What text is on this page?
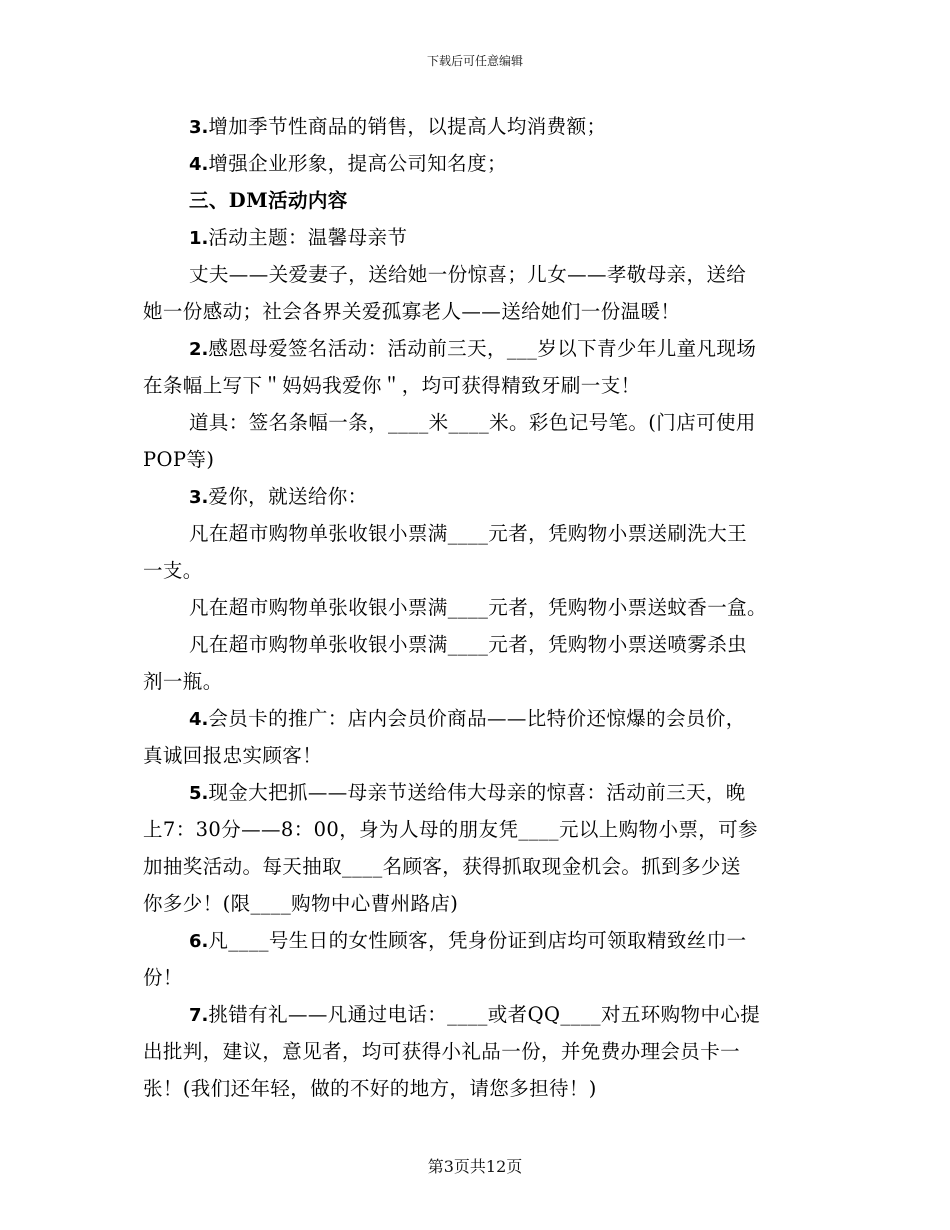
下载后可任意编辑
3.增加季节性商品的销售，以提高人均消费额；
4.增强企业形象，提高公司知名度；
三、DM活动内容
1.活动主题：温馨母亲节
丈夫——关爱妻子，送给她一份惊喜；儿女——孝敬母亲，送给
她一份感动；社会各界关爱孤寡老人——送给她们一份温暖！
2.感恩母爱签名活动：活动前三天，___岁以下青少年儿童凡现场
在条幅上写下＂妈妈我爱你＂，均可获得精致牙刷一支！
道具：签名条幅一条，____米____米。彩色记号笔。(门店可使用
POP等)
3.爱你，就送给你：
凡在超市购物单张收银小票满____元者，凭购物小票送刷洗大王
一支。
凡在超市购物单张收银小票满____元者，凭购物小票送蚊香一盒。
凡在超市购物单张收银小票满____元者，凭购物小票送喷雾杀虫
剂一瓶。
4.会员卡的推广：店内会员价商品——比特价还惊爆的会员价，
真诚回报忠实顾客！
5.现金大把抓——母亲节送给伟大母亲的惊喜：活动前三天，晚
上7：30分——8：00，身为人母的朋友凭____元以上购物小票，可参
加抽奖活动。每天抽取____名顾客，获得抓取现金机会。抓到多少送
你多少！(限____购物中心曹州路店)
6.凡____号生日的女性顾客，凭身份证到店均可领取精致丝巾一
份！
7.挑错有礼——凡通过电话：____或者QQ____对五环购物中心提
出批判，建议，意见者，均可获得小礼品一份，并免费办理会员卡一
张！(我们还年轻，做的不好的地方，请您多担待！)
第3页共12页
